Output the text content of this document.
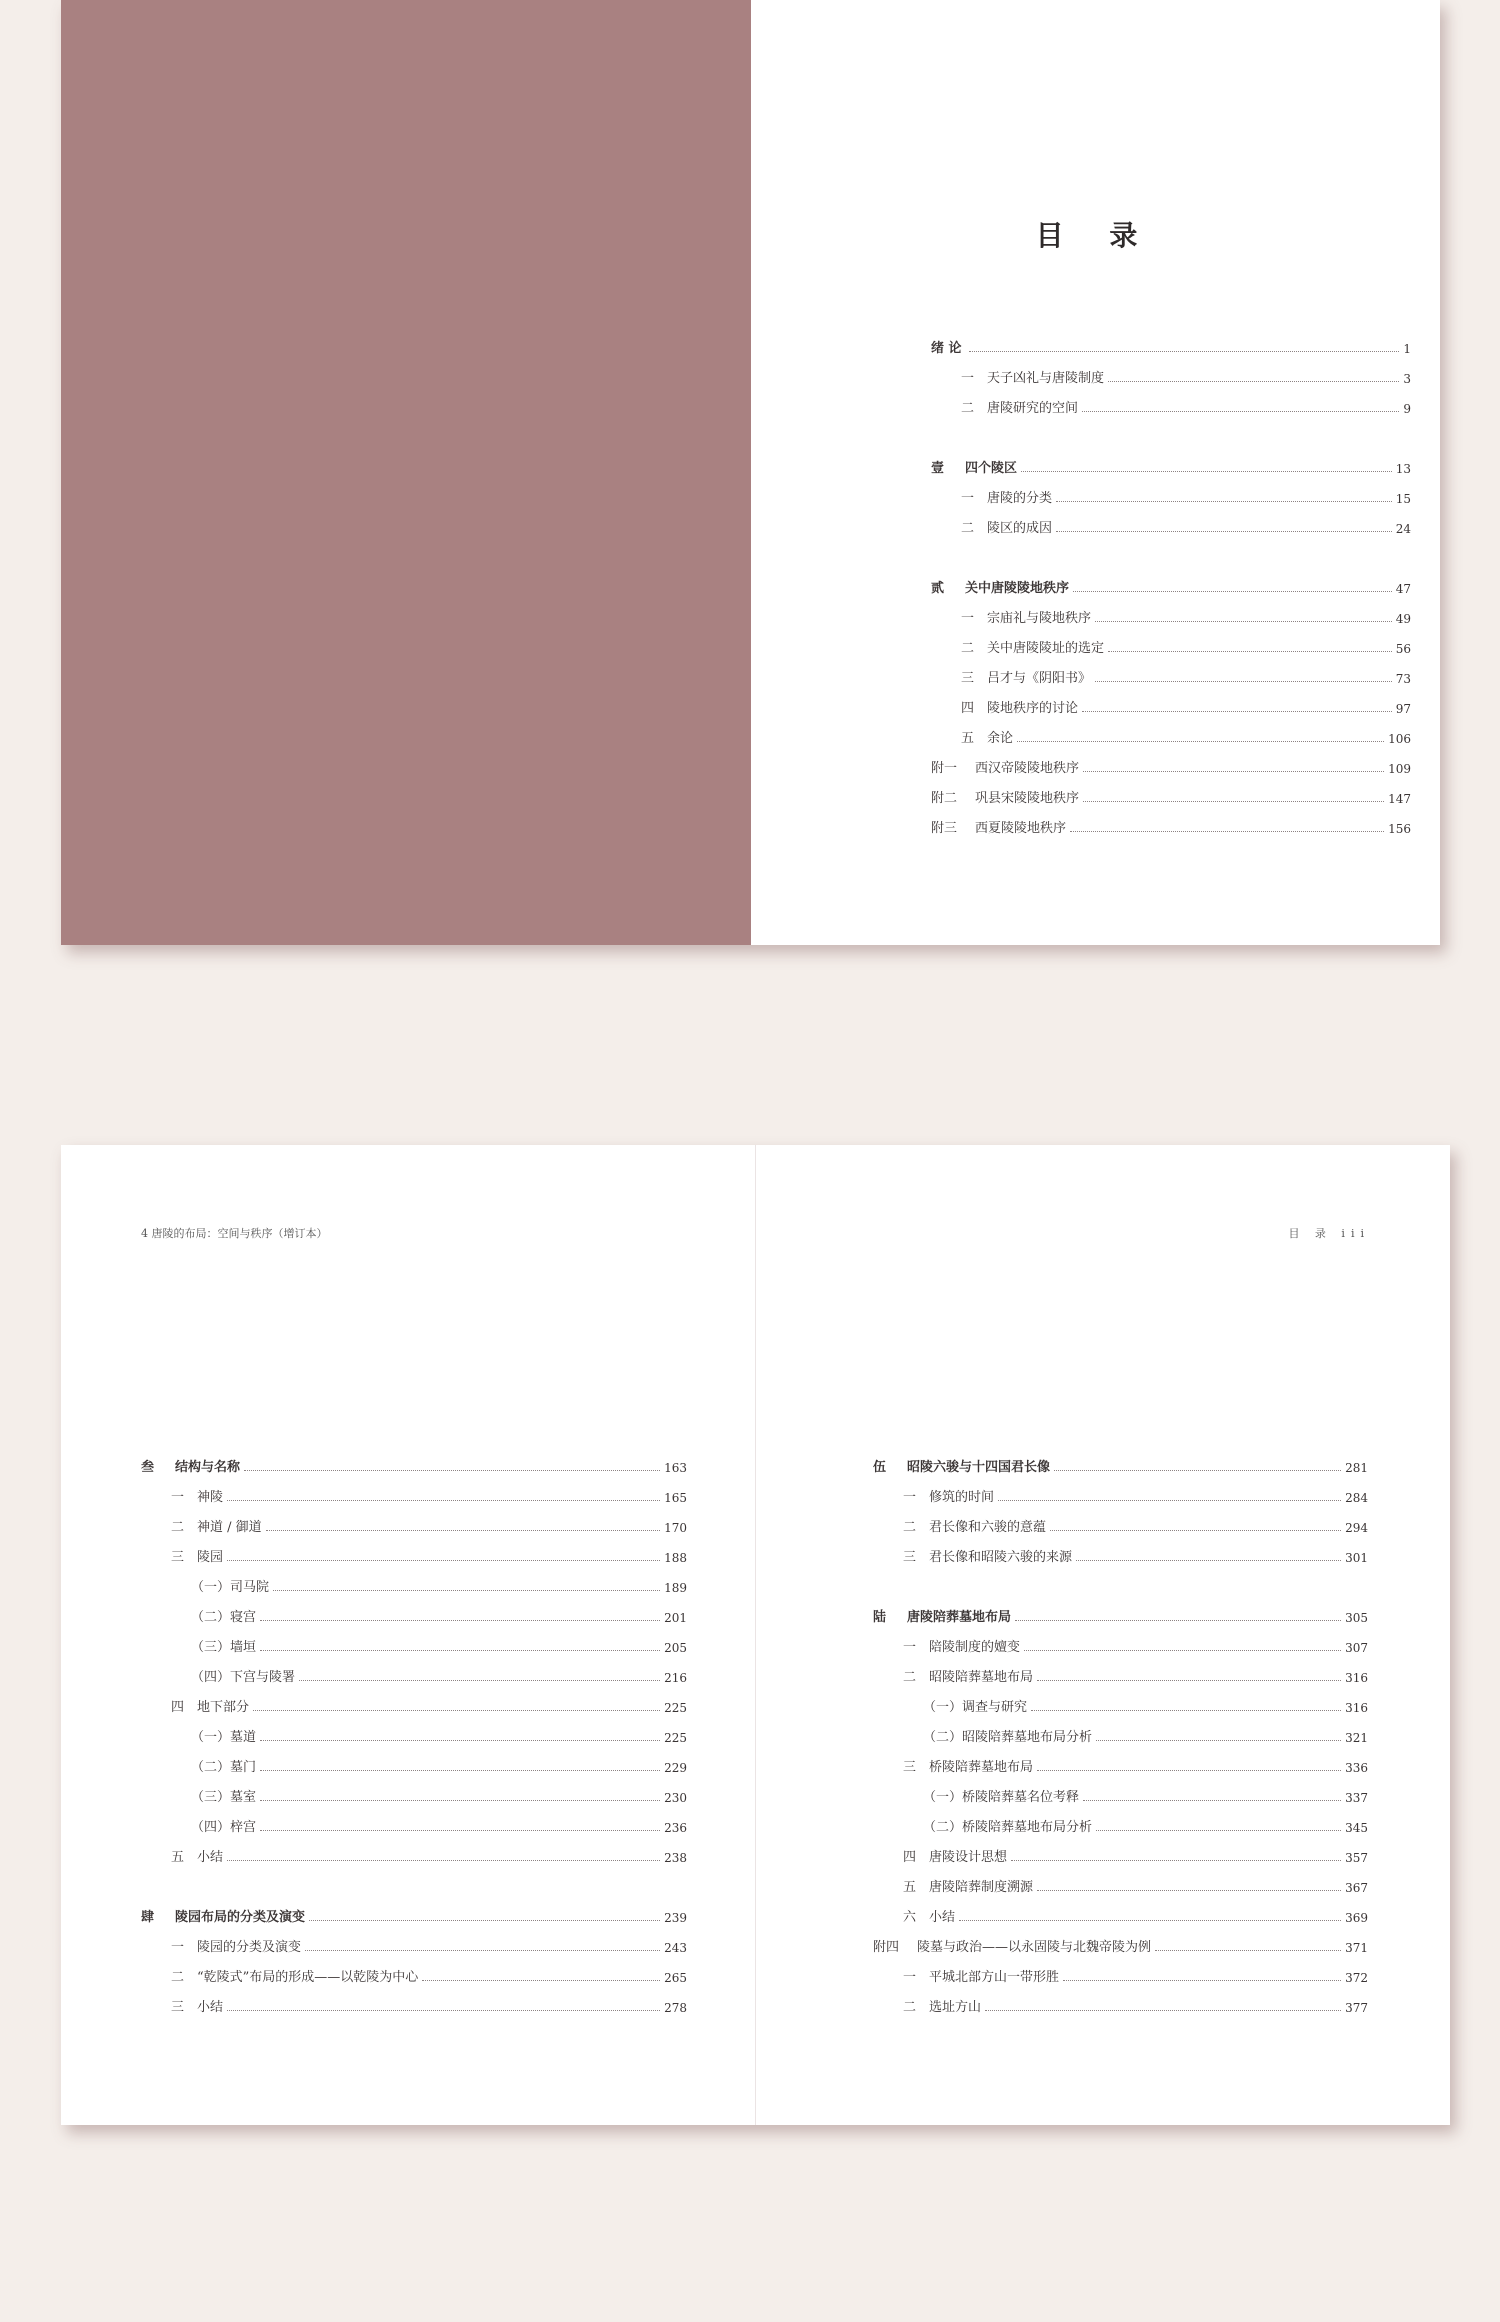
目 录
绪 论	1
一 天子凶礼与唐陵制度	3
二 唐陵研究的空间	9
壹	四个陵区	13
一 唐陵的分类	15
二 陵区的成因	24
贰	关中唐陵陵地秩序	47
一 宗庙礼与陵地秩序	49
二 关中唐陵陵址的选定	56
三 吕才与《阴阳书》	73
四 陵地秩序的讨论	97
五 余论	106
附一	西汉帝陵陵地秩序	109
附二	巩县宋陵陵地秩序	147
附三	西夏陵陵地秩序	156
4 唐陵的布局：空间与秩序（增订本）	目 录 iii
叁	结构与名称	163
一 神陵	165
二 神道 / 御道	170
三 陵园	188
（一）司马院	189
（二）寝宫	201
（三）墙垣	205
（四）下宫与陵署	216
四 地下部分	225
（一）墓道	225
（二）墓门	229
（三）墓室	230
（四）梓宫	236
五 小结	238
肆	陵园布局的分类及演变	239
一 陵园的分类及演变	243
二 “乾陵式”布局的形成——以乾陵为中心	265
三 小结	278
伍	昭陵六骏与十四国君长像	281
一 修筑的时间	284
二 君长像和六骏的意蕴	294
三 君长像和昭陵六骏的来源	301
陆	唐陵陪葬墓地布局	305
一 陪陵制度的嬗变	307
二 昭陵陪葬墓地布局	316
（一）调查与研究	316
（二）昭陵陪葬墓地布局分析	321
三 桥陵陪葬墓地布局	336
（一）桥陵陪葬墓名位考释	337
（二）桥陵陪葬墓地布局分析	345
四 唐陵设计思想	357
五 唐陵陪葬制度溯源	367
六 小结	369
附四	陵墓与政治——以永固陵与北魏帝陵为例	371
一 平城北部方山一带形胜	372
二 选址方山	377
